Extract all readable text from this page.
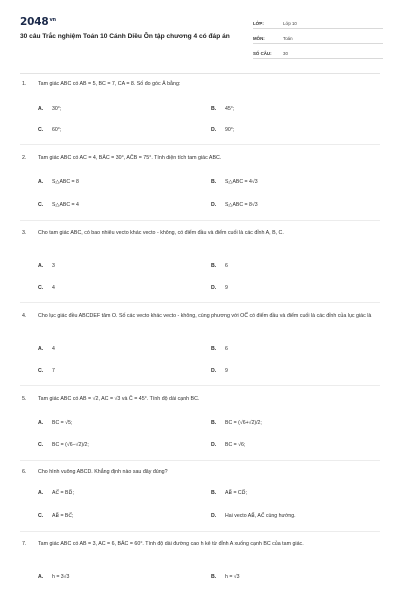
$2048^{vn}$
30 câu Trắc nghiệm Toán 10 Cánh Diều Ôn tập chương 4 có đáp án
LỚP:	Lớp 10
MÔN:	Toán
SỐ CÂU:	30
1. Tam giác ABC có AB = 5, BC = 7, CA = 8. Số đo góc Â bằng:
A. 30°;	B. 45°;
C. 60°;	D. 90°;
2. Tam giác ABC có AC = 4, BÂC = 30°, AĈB = 75°. Tính diện tích tam giác ABC.
A. S△ABC = 8	B. S△ABC = 4√3
C. S△ABC = 4	D. S△ABC = 8√3
3. Cho tam giác ABC, có bao nhiêu vecto khác vecto - không, có điểm đầu và điểm cuối là các đỉnh A, B, C.
A. 3	B. 6
C. 4	D. 9
4. Cho lục giác đều ABCDEF tâm O. Số các vecto khác vecto - không, cùng phương với OC⃗ có điểm đầu và điểm cuối là các đỉnh của lục giác là
A. 4	B. 6
C. 7	D. 9
5. Tam giác ABC có AB = √2, AC = √3 và Ĉ = 45°. Tính độ dài cạnh BC.
A. BC = √5;	B. BC = (√6+√2)/2;
C. BC = (√6−√2)/2;	D. BC = √6;
6. Cho hình vuông ABCD. Khẳng định nào sau đây đúng?
A. AC⃗ = BD⃗;	B. AB⃗ = CD⃗;
C. AB⃗ = BC⃗;	D. Hai vecto AB⃗, AC⃗ cùng hướng.
7. Tam giác ABC có AB = 3, AC = 6, BÂC = 60°. Tính độ dài đường cao h kẻ từ đỉnh A xuống cạnh BC của tam giác.
A. h = 3√3	B. h = √3
